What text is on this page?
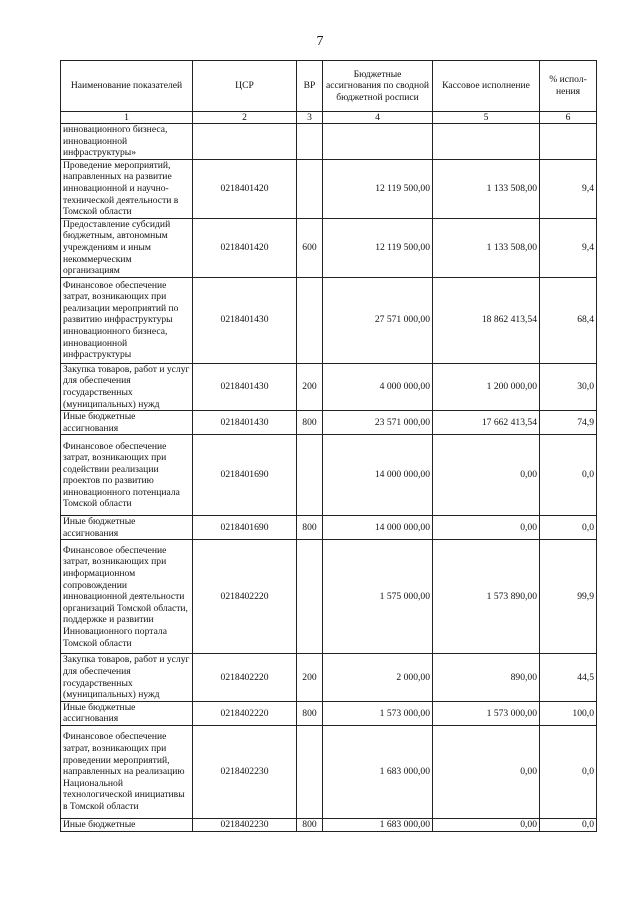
7
Наименование показателей	ЦСР	ВР	Бюджетные ассигнования по сводной бюджетной росписи	Кассовое исполнение	% испол-нения
1	2	3	4	5	6
инновационного бизнеса, инновационной инфраструктуры»					
Проведение мероприятий, направленных на развитие инновационной и научно-технической деятельности в Томской области	0218401420		12 119 500,00	1 133 508,00	9,4
Предоставление субсидий бюджетным, автономным учреждениям и иным некоммерческим организациям	0218401420	600	12 119 500,00	1 133 508,00	9,4
Финансовое обеспечение затрат, возникающих при реализации мероприятий по развитию инфраструктуры инновационного бизнеса, инновационной инфраструктуры	0218401430		27 571 000,00	18 862 413,54	68,4
Закупка товаров, работ и услуг для обеспечения государственных (муниципальных) нужд	0218401430	200	4 000 000,00	1 200 000,00	30,0
Иные бюджетные ассигнования	0218401430	800	23 571 000,00	17 662 413,54	74,9
Финансовое обеспечение затрат, возникающих при содействии реализации проектов по развитию инновационного потенциала Томской области	0218401690		14 000 000,00	0,00	0,0
Иные бюджетные ассигнования	0218401690	800	14 000 000,00	0,00	0,0
Финансовое обеспечение затрат, возникающих при информационном сопровождении инновационной деятельности организаций Томской области, поддержке и развитии Инновационного портала Томской области	0218402220		1 575 000,00	1 573 890,00	99,9
Закупка товаров, работ и услуг для обеспечения государственных (муниципальных) нужд	0218402220	200	2 000,00	890,00	44,5
Иные бюджетные ассигнования	0218402220	800	1 573 000,00	1 573 000,00	100,0
Финансовое обеспечение затрат, возникающих при проведении мероприятий, направленных на реализацию Национальной технологической инициативы в Томской области	0218402230		1 683 000,00	0,00	0,0
Иные бюджетные	0218402230	800	1 683 000,00	0,00	0,0
